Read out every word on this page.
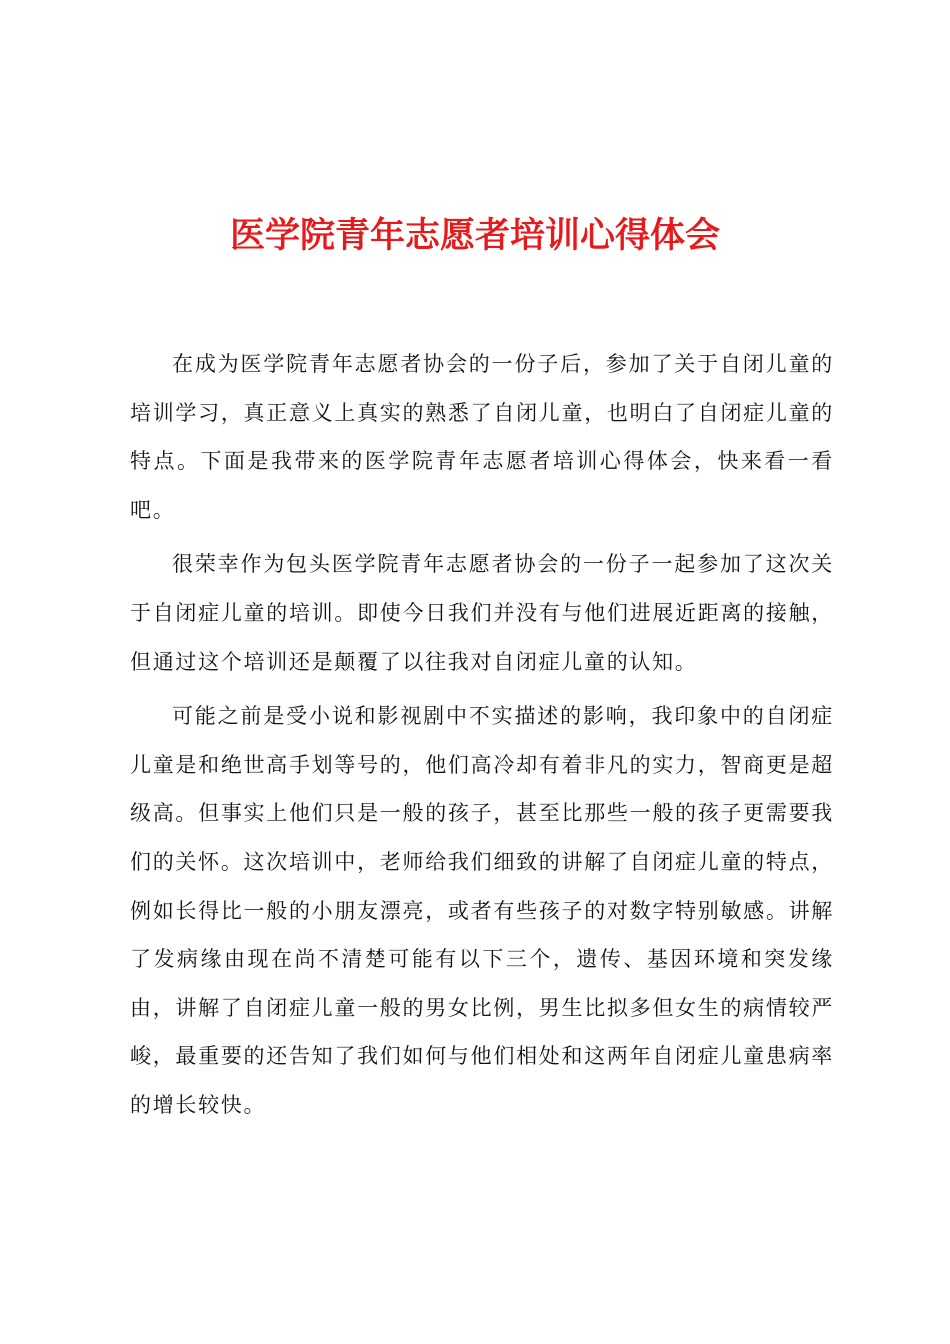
医学院青年志愿者培训心得体会

在成为医学院青年志愿者协会的一份子后，参加了关于自闭儿童的培训学习，真正意义上真实的熟悉了自闭儿童，也明白了自闭症儿童的特点。下面是我带来的医学院青年志愿者培训心得体会，快来看一看吧。

很荣幸作为包头医学院青年志愿者协会的一份子一起参加了这次关于自闭症儿童的培训。即使今日我们并没有与他们进展近距离的接触，但通过这个培训还是颠覆了以往我对自闭症儿童的认知。

可能之前是受小说和影视剧中不实描述的影响，我印象中的自闭症儿童是和绝世高手划等号的，他们高冷却有着非凡的实力，智商更是超级高。但事实上他们只是一般的孩子，甚至比那些一般的孩子更需要我们的关怀。这次培训中，老师给我们细致的讲解了自闭症儿童的特点，例如长得比一般的小朋友漂亮，或者有些孩子的对数字特别敏感。讲解了发病缘由现在尚不清楚可能有以下三个，遗传、基因环境和突发缘由，讲解了自闭症儿童一般的男女比例，男生比拟多但女生的病情较严峻，最重要的还告知了我们如何与他们相处和这两年自闭症儿童患病率的增长较快。
